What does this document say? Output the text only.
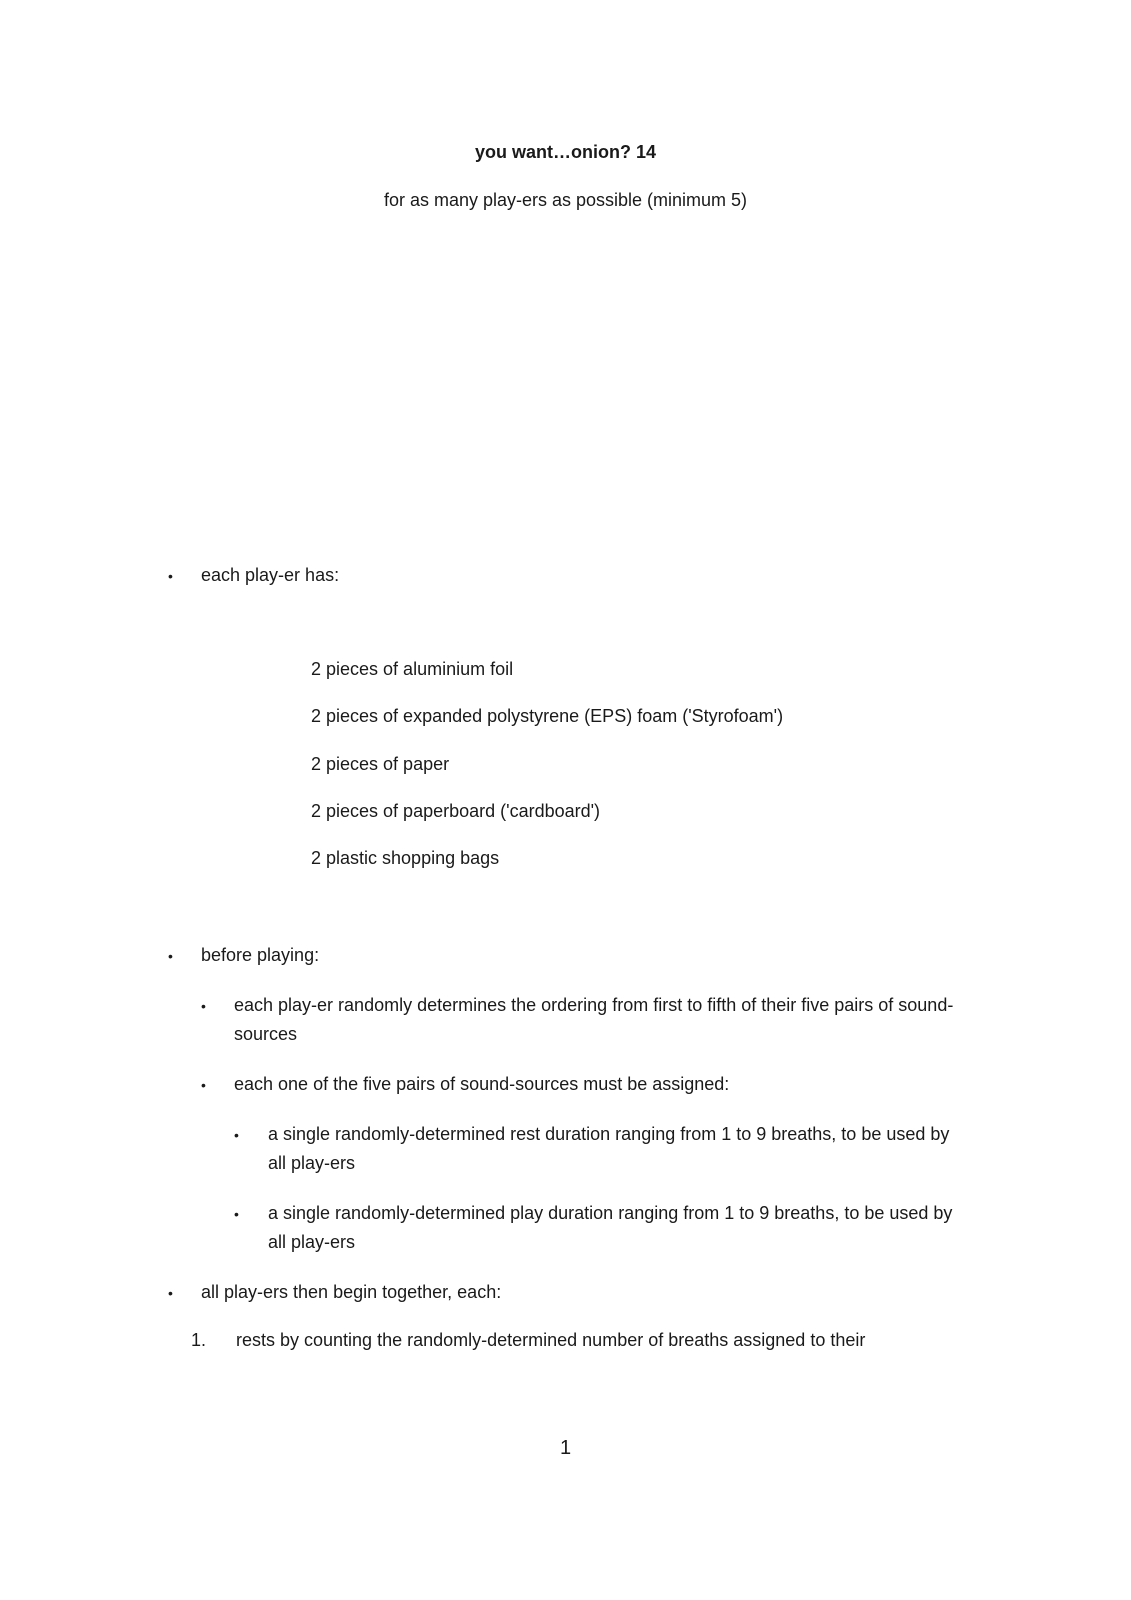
you want…onion? 14
for as many play-ers as possible (minimum 5)
• each play-er has:
2 pieces of aluminium foil
2 pieces of expanded polystyrene (EPS) foam ('Styrofoam')
2 pieces of paper
2 pieces of paperboard ('cardboard')
2 plastic shopping bags
• before playing:
• each play-er randomly determines the ordering from first to fifth of their five pairs of sound-sources
• each one of the five pairs of sound-sources must be assigned:
• a single randomly-determined rest duration ranging from 1 to 9 breaths, to be used by all play-ers
• a single randomly-determined play duration ranging from 1 to 9 breaths, to be used by all play-ers
• all play-ers then begin together, each:
1. rests by counting the randomly-determined number of breaths assigned to their
1
